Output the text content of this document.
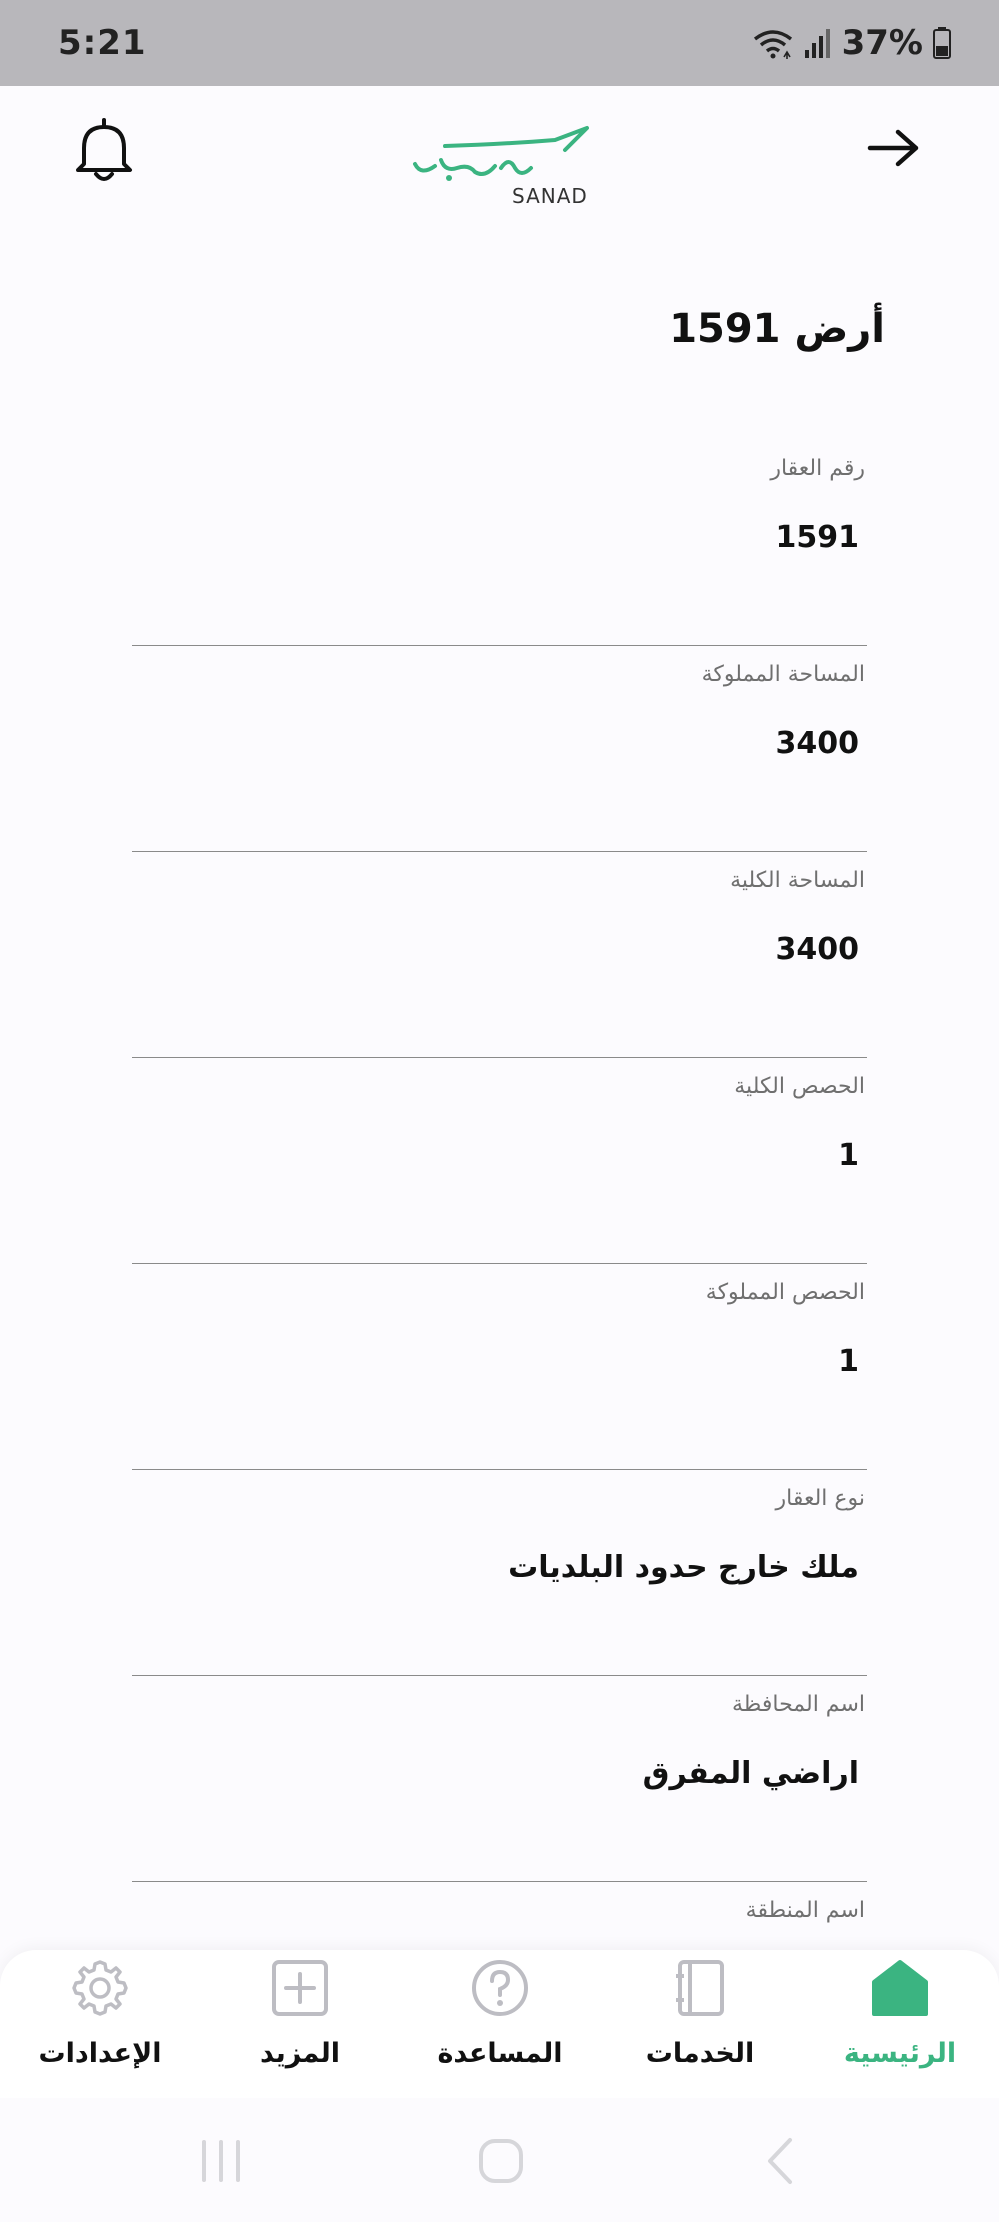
5:21	37%
SANAD
أرض 1591
رقم العقار
1591
المساحة المملوكة
3400
المساحة الكلية
3400
الحصص الكلية
1
الحصص المملوكة
1
نوع العقار
ملك خارج حدود البلديات
اسم المحافظة
اراضي المفرق
اسم المنطقة
الرئيسية
الخدمات
المساعدة
المزيد
الإعدادات
